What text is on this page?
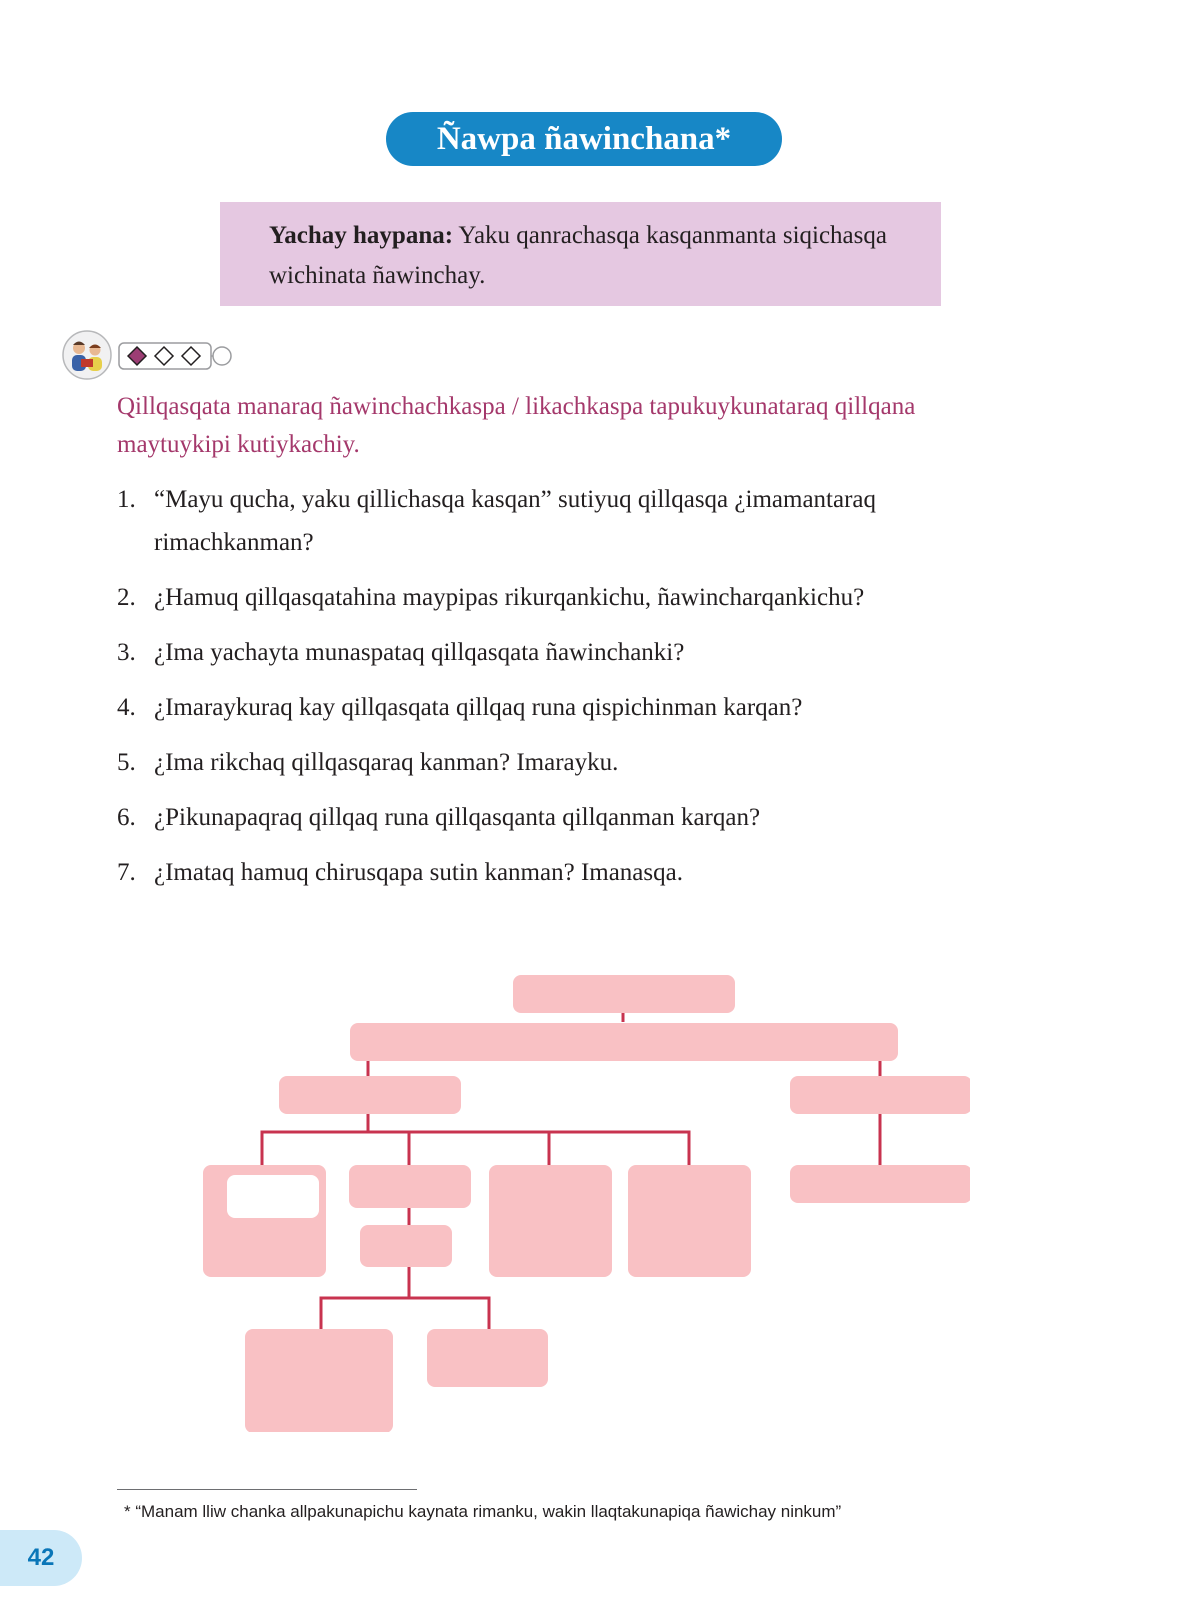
Ñawpa ñawinchana*
Yachay haypana: Yaku qanrachasqa kasqanmanta siqichasqa wichinata ñawinchay.
Qillqasqata manaraq ñawinchachkaspa / likachkaspa tapukuykunataraq qillqana maytuykipi kutiykachiy.
1. “Mayu qucha, yaku qillichasqa kasqan” sutiyuq qillqasqa ¿imamantaraq rimachkanman?
2. ¿Hamuq qillqasqatahina maypipas rikurqankichu, ñawincharqankichu?
3. ¿Ima yachayta munaspataq qillqasqata ñawinchanki?
4. ¿Imaraykuraq kay qillqasqata qillqaq runa qispichinman karqan?
5. ¿Ima rikchaq qillqasqaraq kanman? Imarayku.
6. ¿Pikunapaqraq qillqaq runa qillqasqanta qillqanman karqan?
7. ¿Imataq hamuq chirusqapa sutin kanman? Imanasqa.
* “Manam lliw chanka allpakunapichu kaynata rimanku, wakin llaqtakunapiqa ñawichay ninkum”
42
